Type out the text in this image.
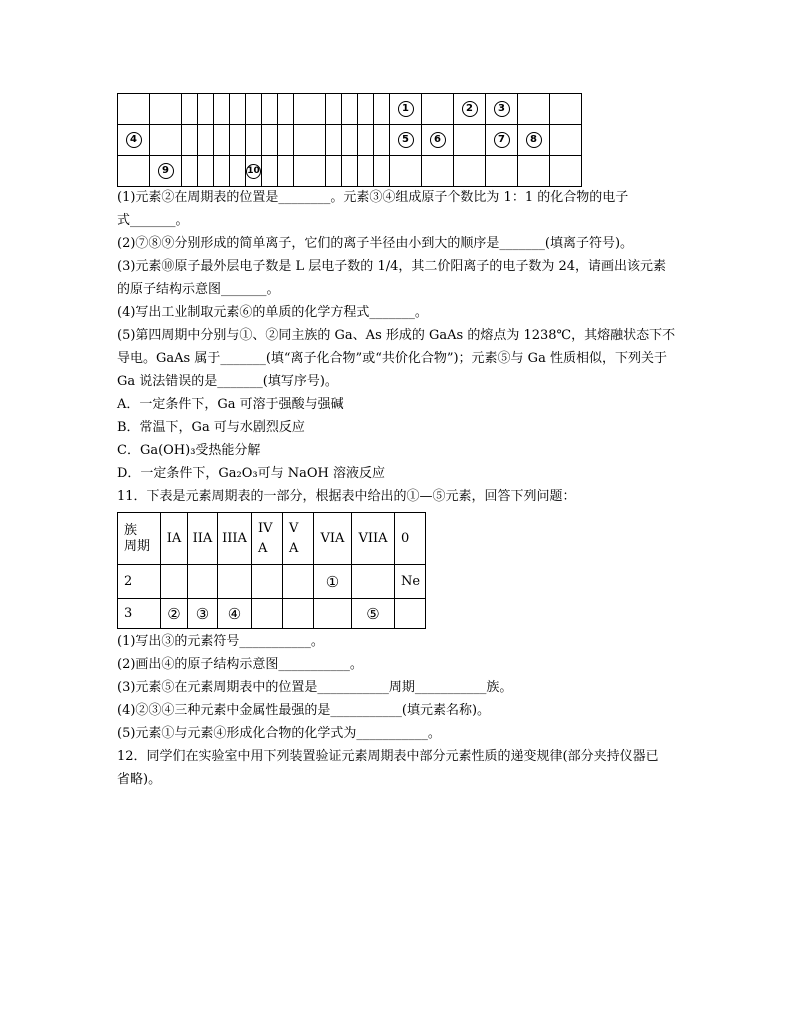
														1		2	3		
4														5	6		7	8	
	9					10													
(1)元素②在周期表的位置是________。元素③④组成原子个数比为 1：1 的化合物的电子
式_______。
(2)⑦⑧⑨分别形成的简单离子，它们的离子半径由小到大的顺序是_______(填离子符号)。
(3)元素⑩原子最外层电子数是 L 层电子数的 1/4，其二价阳离子的电子数为 24，请画出该元素
的原子结构示意图_______。
(4)写出工业制取元素⑥的单质的化学方程式_______。
(5)第四周期中分别与①、②同主族的 Ga、As 形成的 GaAs 的熔点为 1238℃，其熔融状态下不
导电。GaAs 属于_______(填“离子化合物”或“共价化合物”)；元素⑤与 Ga 性质相似，下列关于
Ga 说法错误的是_______(填写序号)。
A．一定条件下，Ga 可溶于强酸与强碱
B．常温下，Ga 可与水剧烈反应
C．Ga(OH)₃受热能分解
D．一定条件下，Ga₂O₃可与 NaOH 溶液反应
11．下表是元素周期表的一部分，根据表中给出的①—⑤元素，回答下列问题：
族
周期	IA	IIA	IIIA	IV A	V A	VIA	VIIA	0
2						①		Ne
3	②	③	④				⑤	
(1)写出③的元素符号___________。
(2)画出④的原子结构示意图___________。
(3)元素⑤在元素周期表中的位置是___________周期___________族。
(4)②③④三种元素中金属性最强的是___________(填元素名称)。
(5)元素①与元素④形成化合物的化学式为___________。
12．同学们在实验室中用下列装置验证元素周期表中部分元素性质的递变规律(部分夹持仪器已
省略)。
